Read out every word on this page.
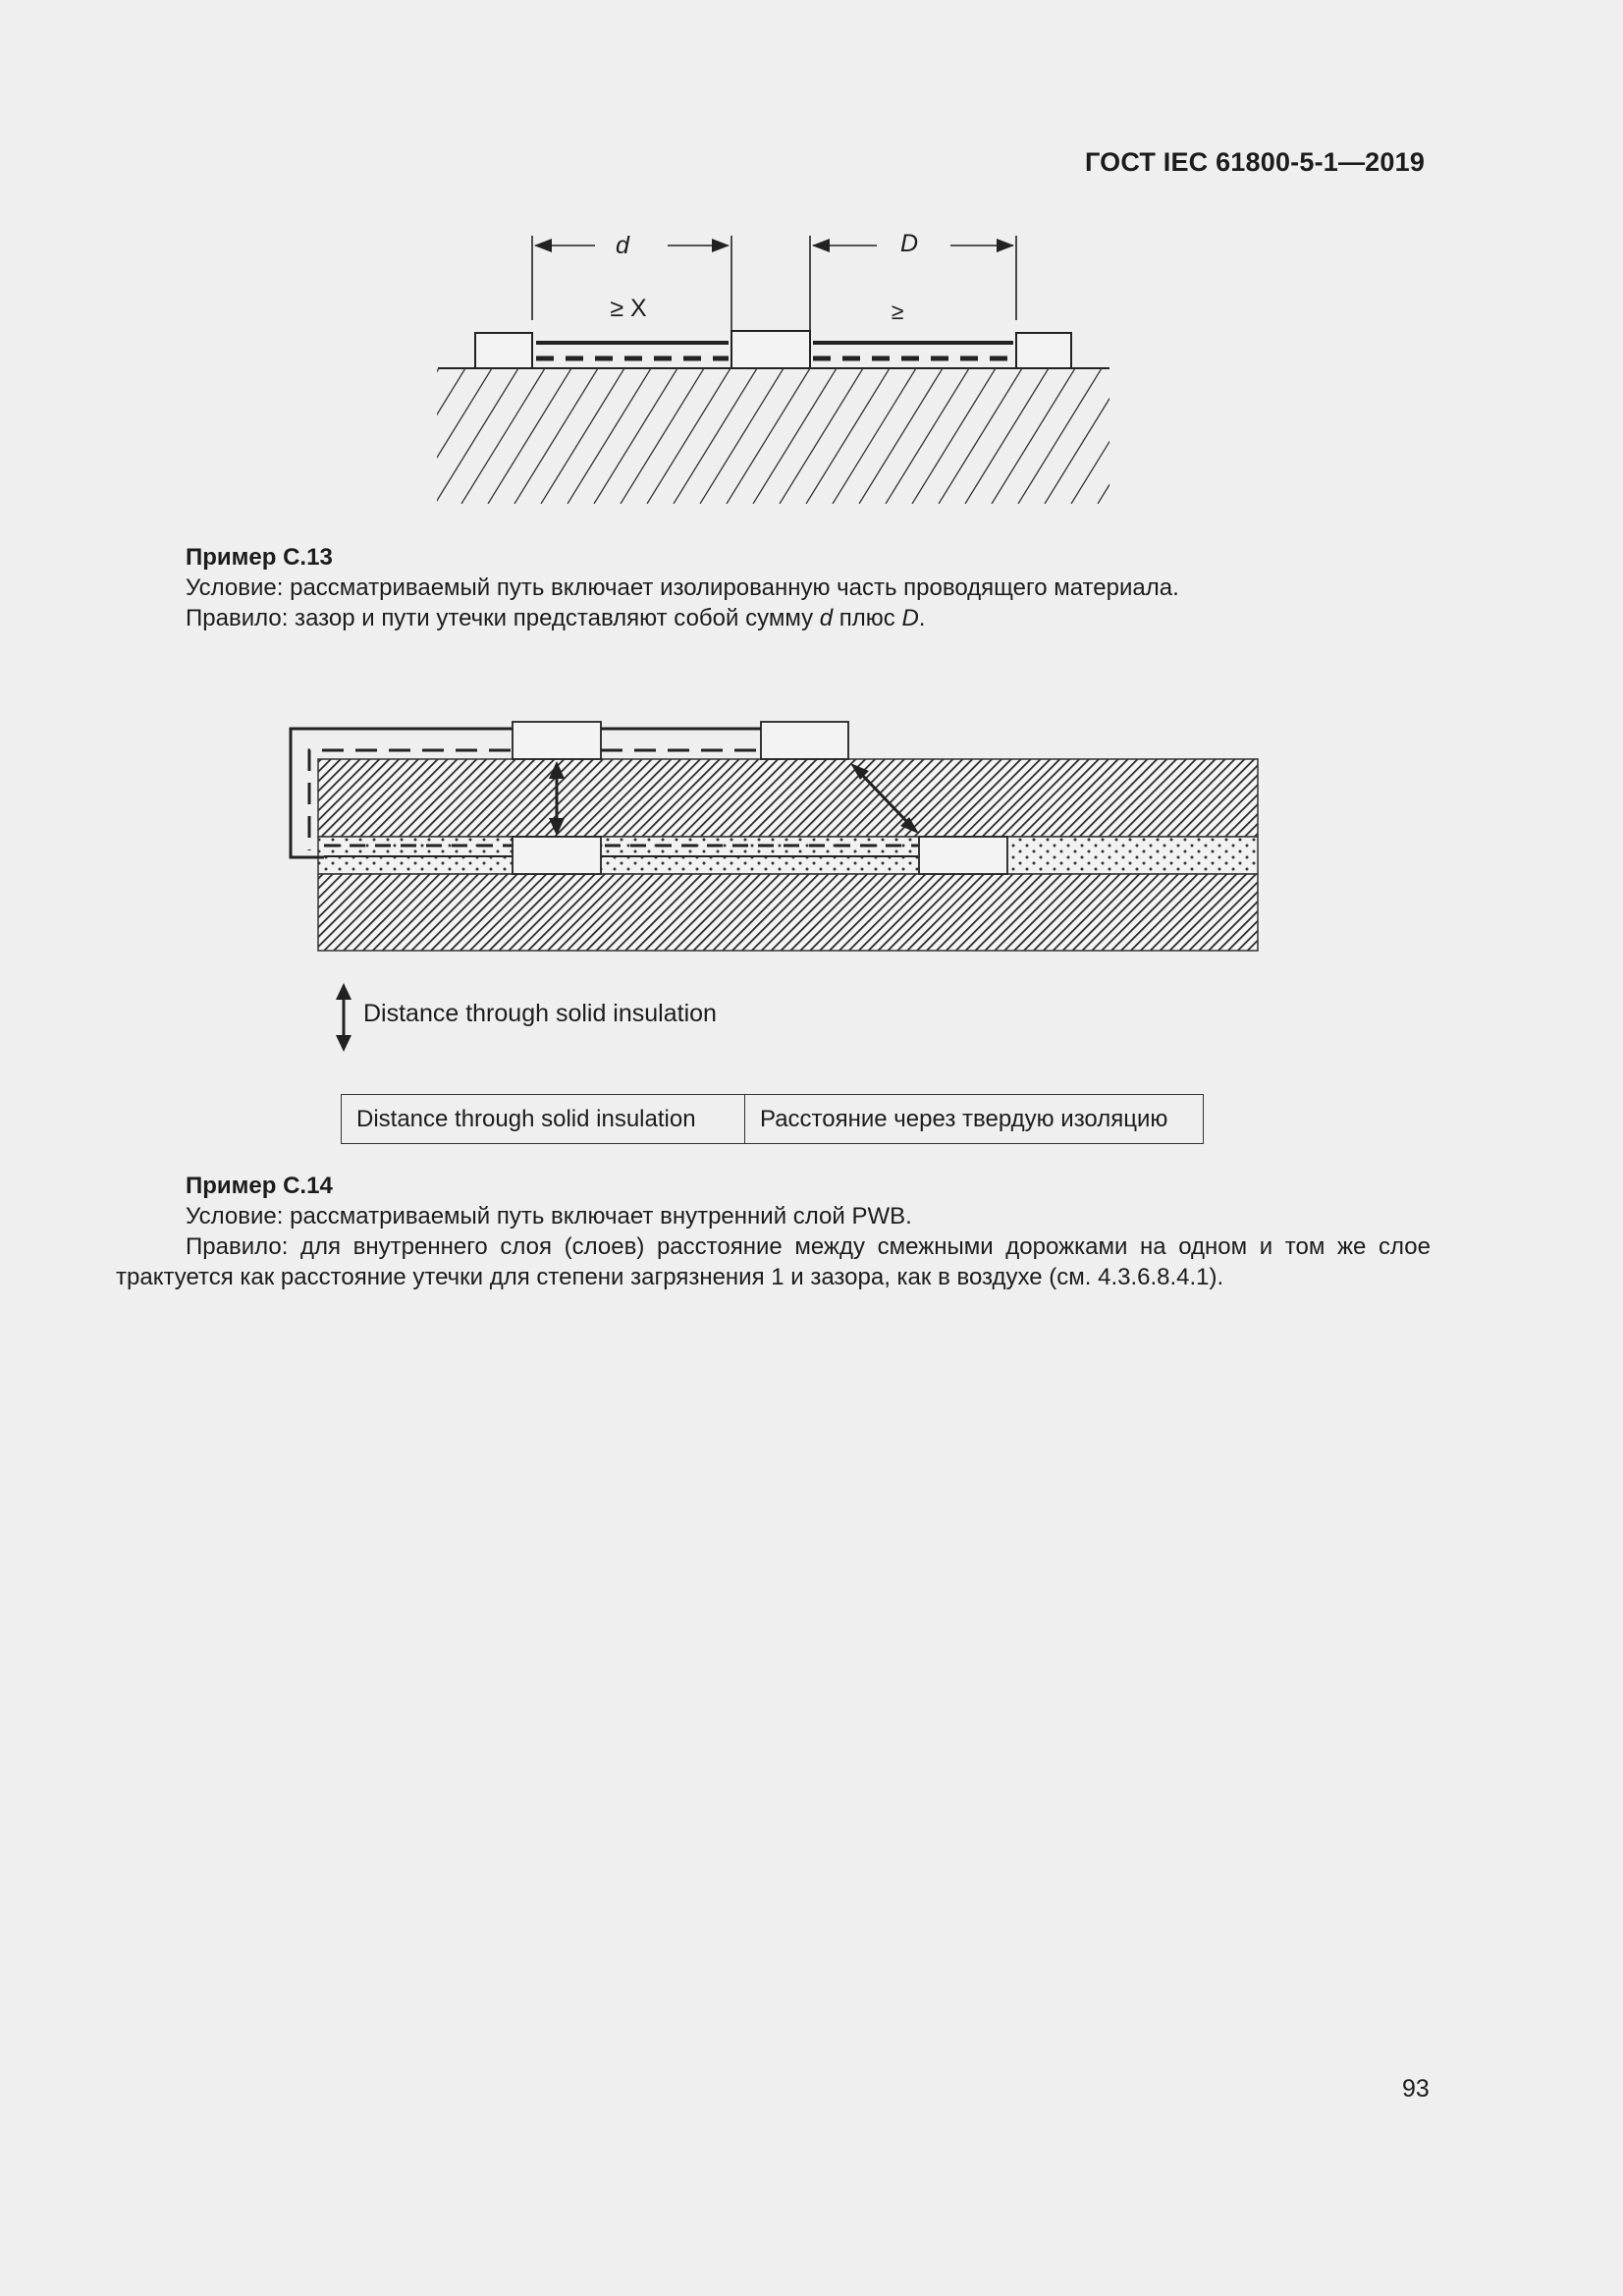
ГОСТ IEC 61800-5-1—2019
d	D
≥ X	≥
Distance through solid insulation
Пример С.13
Условие: рассматриваемый путь включает изолированную часть проводящего материала.
Правило: зазор и пути утечки представляют собой сумму d плюс D.
Distance through solid insulation	Расстояние через твердую изоляцию
Пример С.14
Условие: рассматриваемый путь включает внутренний слой PWB.
Правило: для внутреннего слоя (слоев) расстояние между смежными дорожками на одном и том же слое
трактуется как расстояние утечки для степени загрязнения 1 и зазора, как в воздухе (см. 4.3.6.8.4.1).
93
